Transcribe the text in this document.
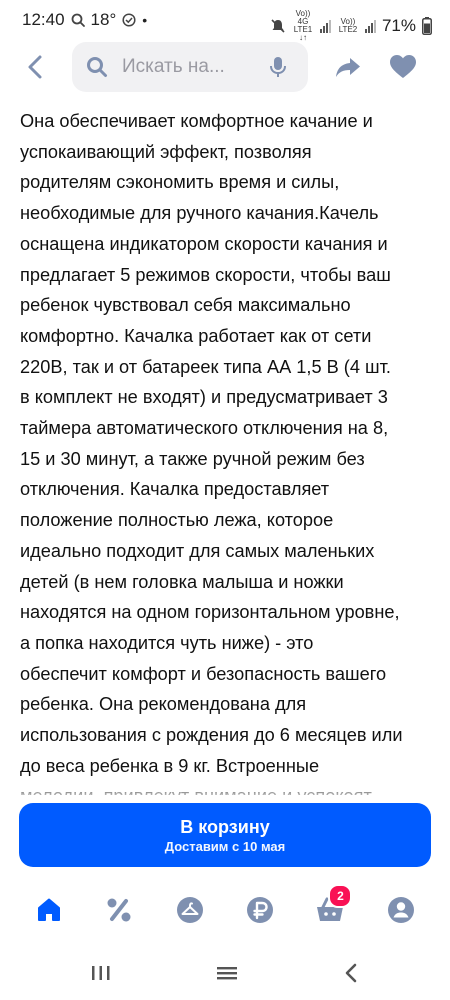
12:40 18° •	Vo)) 4G
LTE1 ↓↑
Vo))
LTE2 71%
Искать на...

Она обеспечивает комфортное качание и
успокаивающий эффект, позволяя
родителям сэкономить время и силы,
необходимые для ручного качания.Качель
оснащена индикатором скорости качания и
предлагает 5 режимов скорости, чтобы ваш
ребенок чувствовал себя максимально
комфортно. Качалка работает как от сети
220В, так и от батареек типа АА 1,5 В (4 шт.
в комплект не входят) и предусматривает 3
таймера автоматического отключения на 8,
15 и 30 минут, а также ручной режим без
отключения. Качалка предоставляет
положение полностью лежа, которое
идеально подходит для самых маленьких
детей (в нем головка малыша и ножки
находятся на одном горизонтальном уровне,
а попка находится чуть ниже) - это
обеспечит комфорт и безопасность вашего
ребенка. Она рекомендована для
использования с рождения до 6 месяцев или
до веса ребенка в 9 кг. Встроенные

В корзину
Доставим с 10 мая
2
